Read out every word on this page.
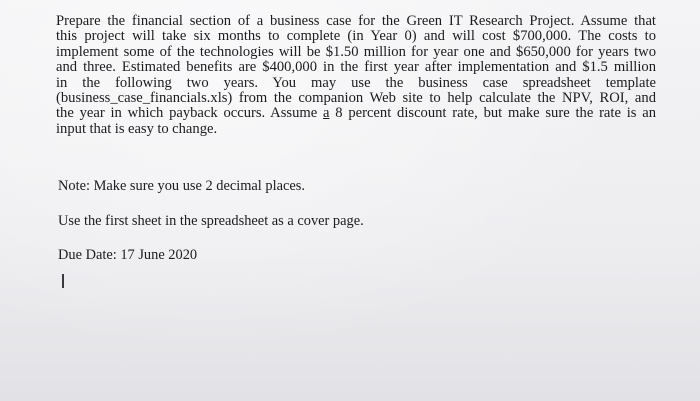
Prepare the financial section of a business case for the Green IT Research Project. Assume that
this project will take six months to complete (in Year 0) and will cost $700,000. The costs to
implement some of the technologies will be $1.50 million for year one and $650,000 for years two
and three. Estimated benefits are $400,000 in the first year after implementation and $1.5 million
in the following two years. You may use the business case spreadsheet template
(business_case_financials.xls) from the companion Web site to help calculate the NPV, ROI, and
the year in which payback occurs. Assume a 8 percent discount rate, but make sure the rate is an
input that is easy to change.

Note: Make sure you use 2 decimal places.

Use the first sheet in the spreadsheet as a cover page.

Due Date: 17 June 2020
